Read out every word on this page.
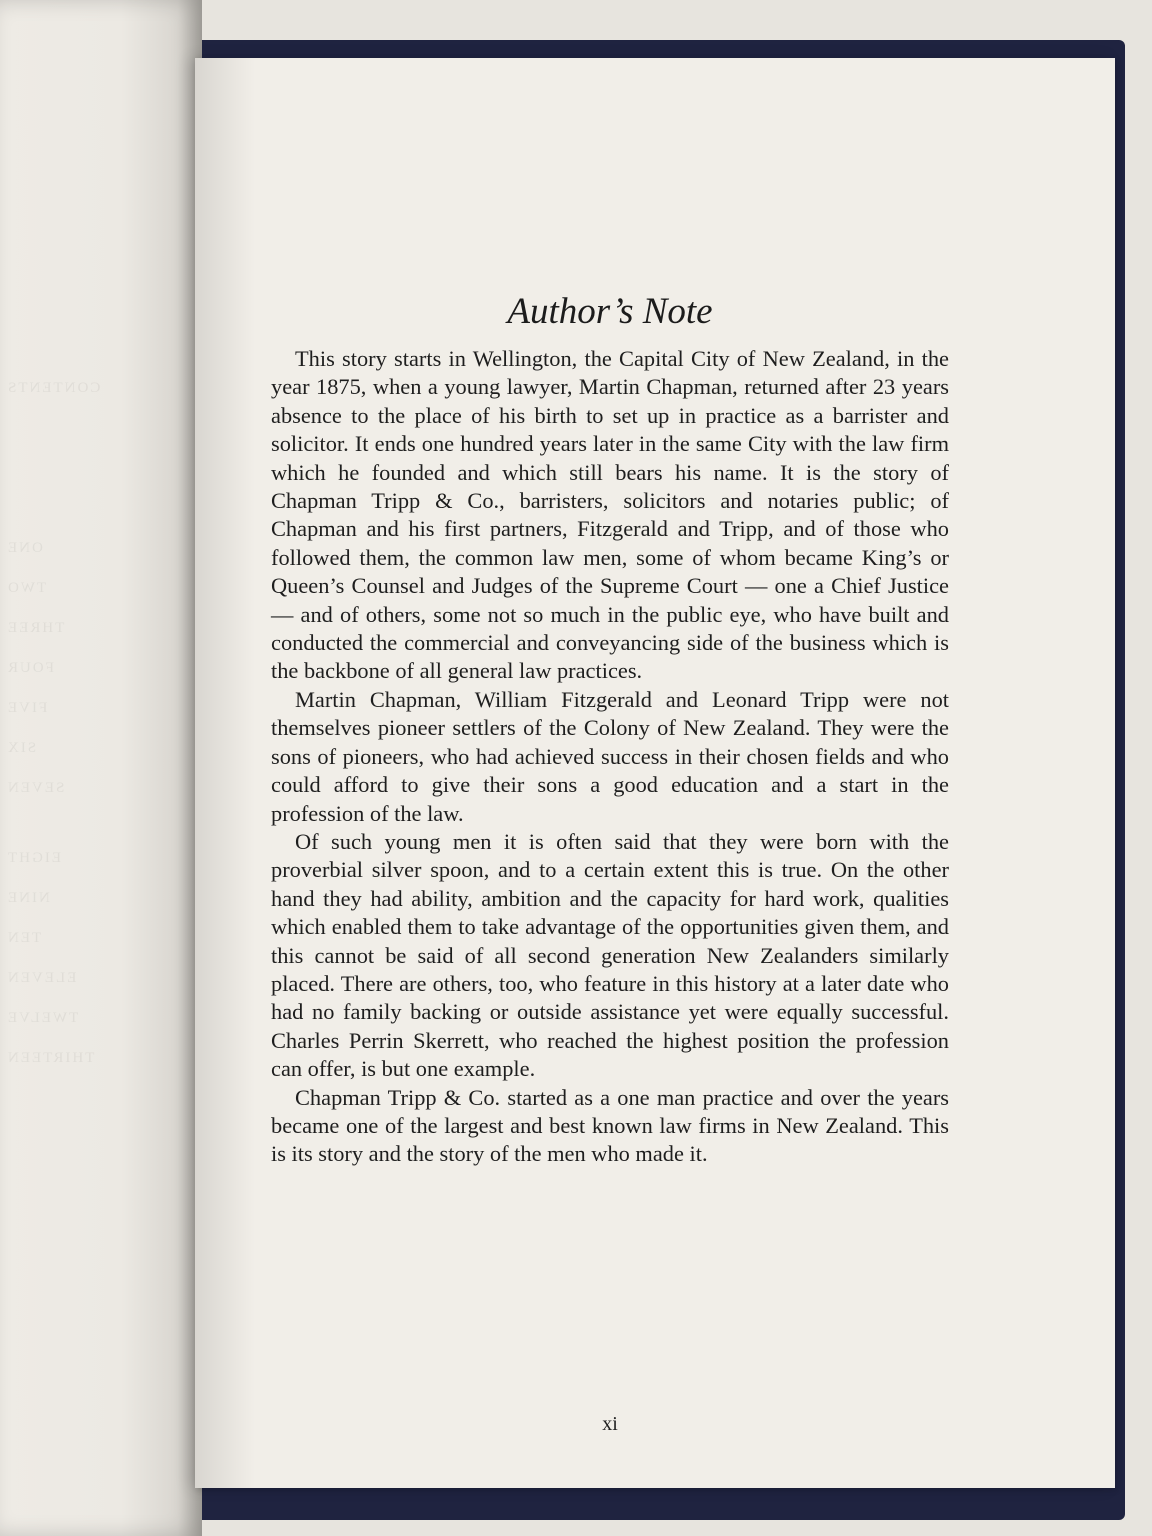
CONTENTS
ONE
TWO
THREE
FOUR
FIVE
SIX
SEVEN
EIGHT
NINE
TEN
ELEVEN
TWELVE
THIRTEEN
Author’s Note

This story starts in Wellington, the Capital City of New Zealand, in the year 1875, when a young lawyer, Martin Chapman, returned after 23 years absence to the place of his birth to set up in practice as a barrister and solicitor. It ends one hundred years later in the same City with the law firm which he founded and which still bears his name. It is the story of Chapman Tripp & Co., barristers, solicitors and notaries public; of Chapman and his first partners, Fitzgerald and Tripp, and of those who followed them, the common law men, some of whom became King’s or Queen’s Counsel and Judges of the Supreme Court — one a Chief Justice — and of others, some not so much in the public eye, who have built and conducted the commercial and conveyancing side of the business which is the backbone of all general law practices.

Martin Chapman, William Fitzgerald and Leonard Tripp were not themselves pioneer settlers of the Colony of New Zealand. They were the sons of pioneers, who had achieved success in their chosen fields and who could afford to give their sons a good education and a start in the profession of the law.

Of such young men it is often said that they were born with the proverbial silver spoon, and to a certain extent this is true. On the other hand they had ability, ambition and the capacity for hard work, qualities which enabled them to take advantage of the opportunities given them, and this cannot be said of all second generation New Zealanders similarly placed. There are others, too, who feature in this history at a later date who had no family backing or outside assistance yet were equally successful. Charles Perrin Skerrett, who reached the highest position the profession can offer, is but one example.

Chapman Tripp & Co. started as a one man practice and over the years became one of the largest and best known law firms in New Zealand. This is its story and the story of the men who made it.

xi
